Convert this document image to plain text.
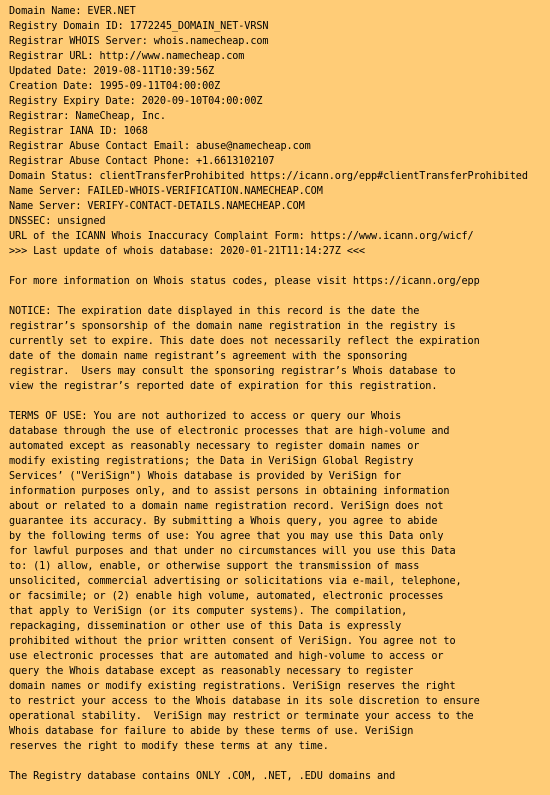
Domain Name: EVER.NET
Registry Domain ID: 1772245_DOMAIN_NET-VRSN
Registrar WHOIS Server: whois.namecheap.com
Registrar URL: http://www.namecheap.com
Updated Date: 2019-08-11T10:39:56Z
Creation Date: 1995-09-11T04:00:00Z
Registry Expiry Date: 2020-09-10T04:00:00Z
Registrar: NameCheap, Inc.
Registrar IANA ID: 1068
Registrar Abuse Contact Email: abuse@namecheap.com
Registrar Abuse Contact Phone: +1.6613102107
Domain Status: clientTransferProhibited https://icann.org/epp#clientTransferProhibited
Name Server: FAILED-WHOIS-VERIFICATION.NAMECHEAP.COM
Name Server: VERIFY-CONTACT-DETAILS.NAMECHEAP.COM
DNSSEC: unsigned
URL of the ICANN Whois Inaccuracy Complaint Form: https://www.icann.org/wicf/
>>> Last update of whois database: 2020-01-21T11:14:27Z <<<
For more information on Whois status codes, please visit https://icann.org/epp
NOTICE: The expiration date displayed in this record is the date the
registrar’s sponsorship of the domain name registration in the registry is
currently set to expire. This date does not necessarily reflect the expiration
date of the domain name registrant’s agreement with the sponsoring
registrar.  Users may consult the sponsoring registrar’s Whois database to
view the registrar’s reported date of expiration for this registration.
TERMS OF USE: You are not authorized to access or query our Whois
database through the use of electronic processes that are high-volume and
automated except as reasonably necessary to register domain names or
modify existing registrations; the Data in VeriSign Global Registry
Services’ ("VeriSign") Whois database is provided by VeriSign for
information purposes only, and to assist persons in obtaining information
about or related to a domain name registration record. VeriSign does not
guarantee its accuracy. By submitting a Whois query, you agree to abide
by the following terms of use: You agree that you may use this Data only
for lawful purposes and that under no circumstances will you use this Data
to: (1) allow, enable, or otherwise support the transmission of mass
unsolicited, commercial advertising or solicitations via e-mail, telephone,
or facsimile; or (2) enable high volume, automated, electronic processes
that apply to VeriSign (or its computer systems). The compilation,
repackaging, dissemination or other use of this Data is expressly
prohibited without the prior written consent of VeriSign. You agree not to
use electronic processes that are automated and high-volume to access or
query the Whois database except as reasonably necessary to register
domain names or modify existing registrations. VeriSign reserves the right
to restrict your access to the Whois database in its sole discretion to ensure
operational stability.  VeriSign may restrict or terminate your access to the
Whois database for failure to abide by these terms of use. VeriSign
reserves the right to modify these terms at any time.
The Registry database contains ONLY .COM, .NET, .EDU domains and
